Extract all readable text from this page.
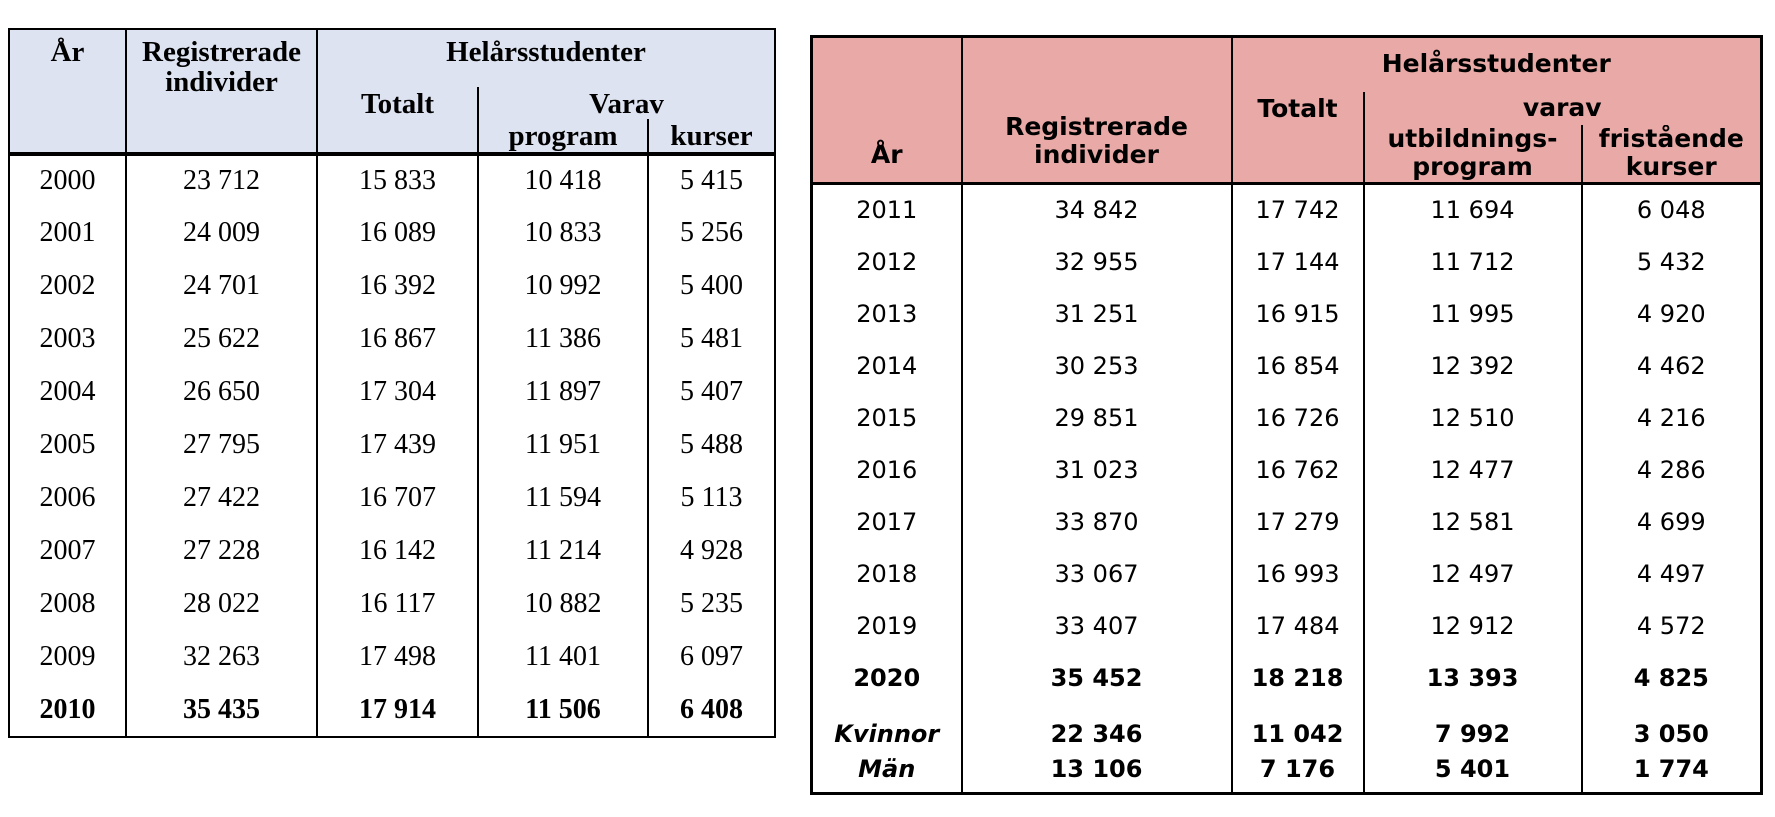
År	Registrerade individer	Helårsstudenter		
		Totalt	Varav	
			program	kurser
2000	23 712	15 833	10 418	5 415
2001	24 009	16 089	10 833	5 256
2002	24 701	16 392	10 992	5 400
2003	25 622	16 867	11 386	5 481
2004	26 650	17 304	11 897	5 407
2005	27 795	17 439	11 951	5 488
2006	27 422	16 707	11 594	5 113
2007	27 228	16 142	11 214	4 928
2008	28 022	16 117	10 882	5 235
2009	32 263	17 498	11 401	6 097
2010	35 435	17 914	11 506	6 408
År	Registrerade individer	Helårsstudenter		
		Totalt	varav	
			utbildnings-program	fristående kurser
2011	34 842	17 742	11 694	6 048
2012	32 955	17 144	11 712	5 432
2013	31 251	16 915	11 995	4 920
2014	30 253	16 854	12 392	4 462
2015	29 851	16 726	12 510	4 216
2016	31 023	16 762	12 477	4 286
2017	33 870	17 279	12 581	4 699
2018	33 067	16 993	12 497	4 497
2019	33 407	17 484	12 912	4 572
2020	35 452	18 218	13 393	4 825
Kvinnor	22 346	11 042	7 992	3 050
Män	13 106	7 176	5 401	1 774
